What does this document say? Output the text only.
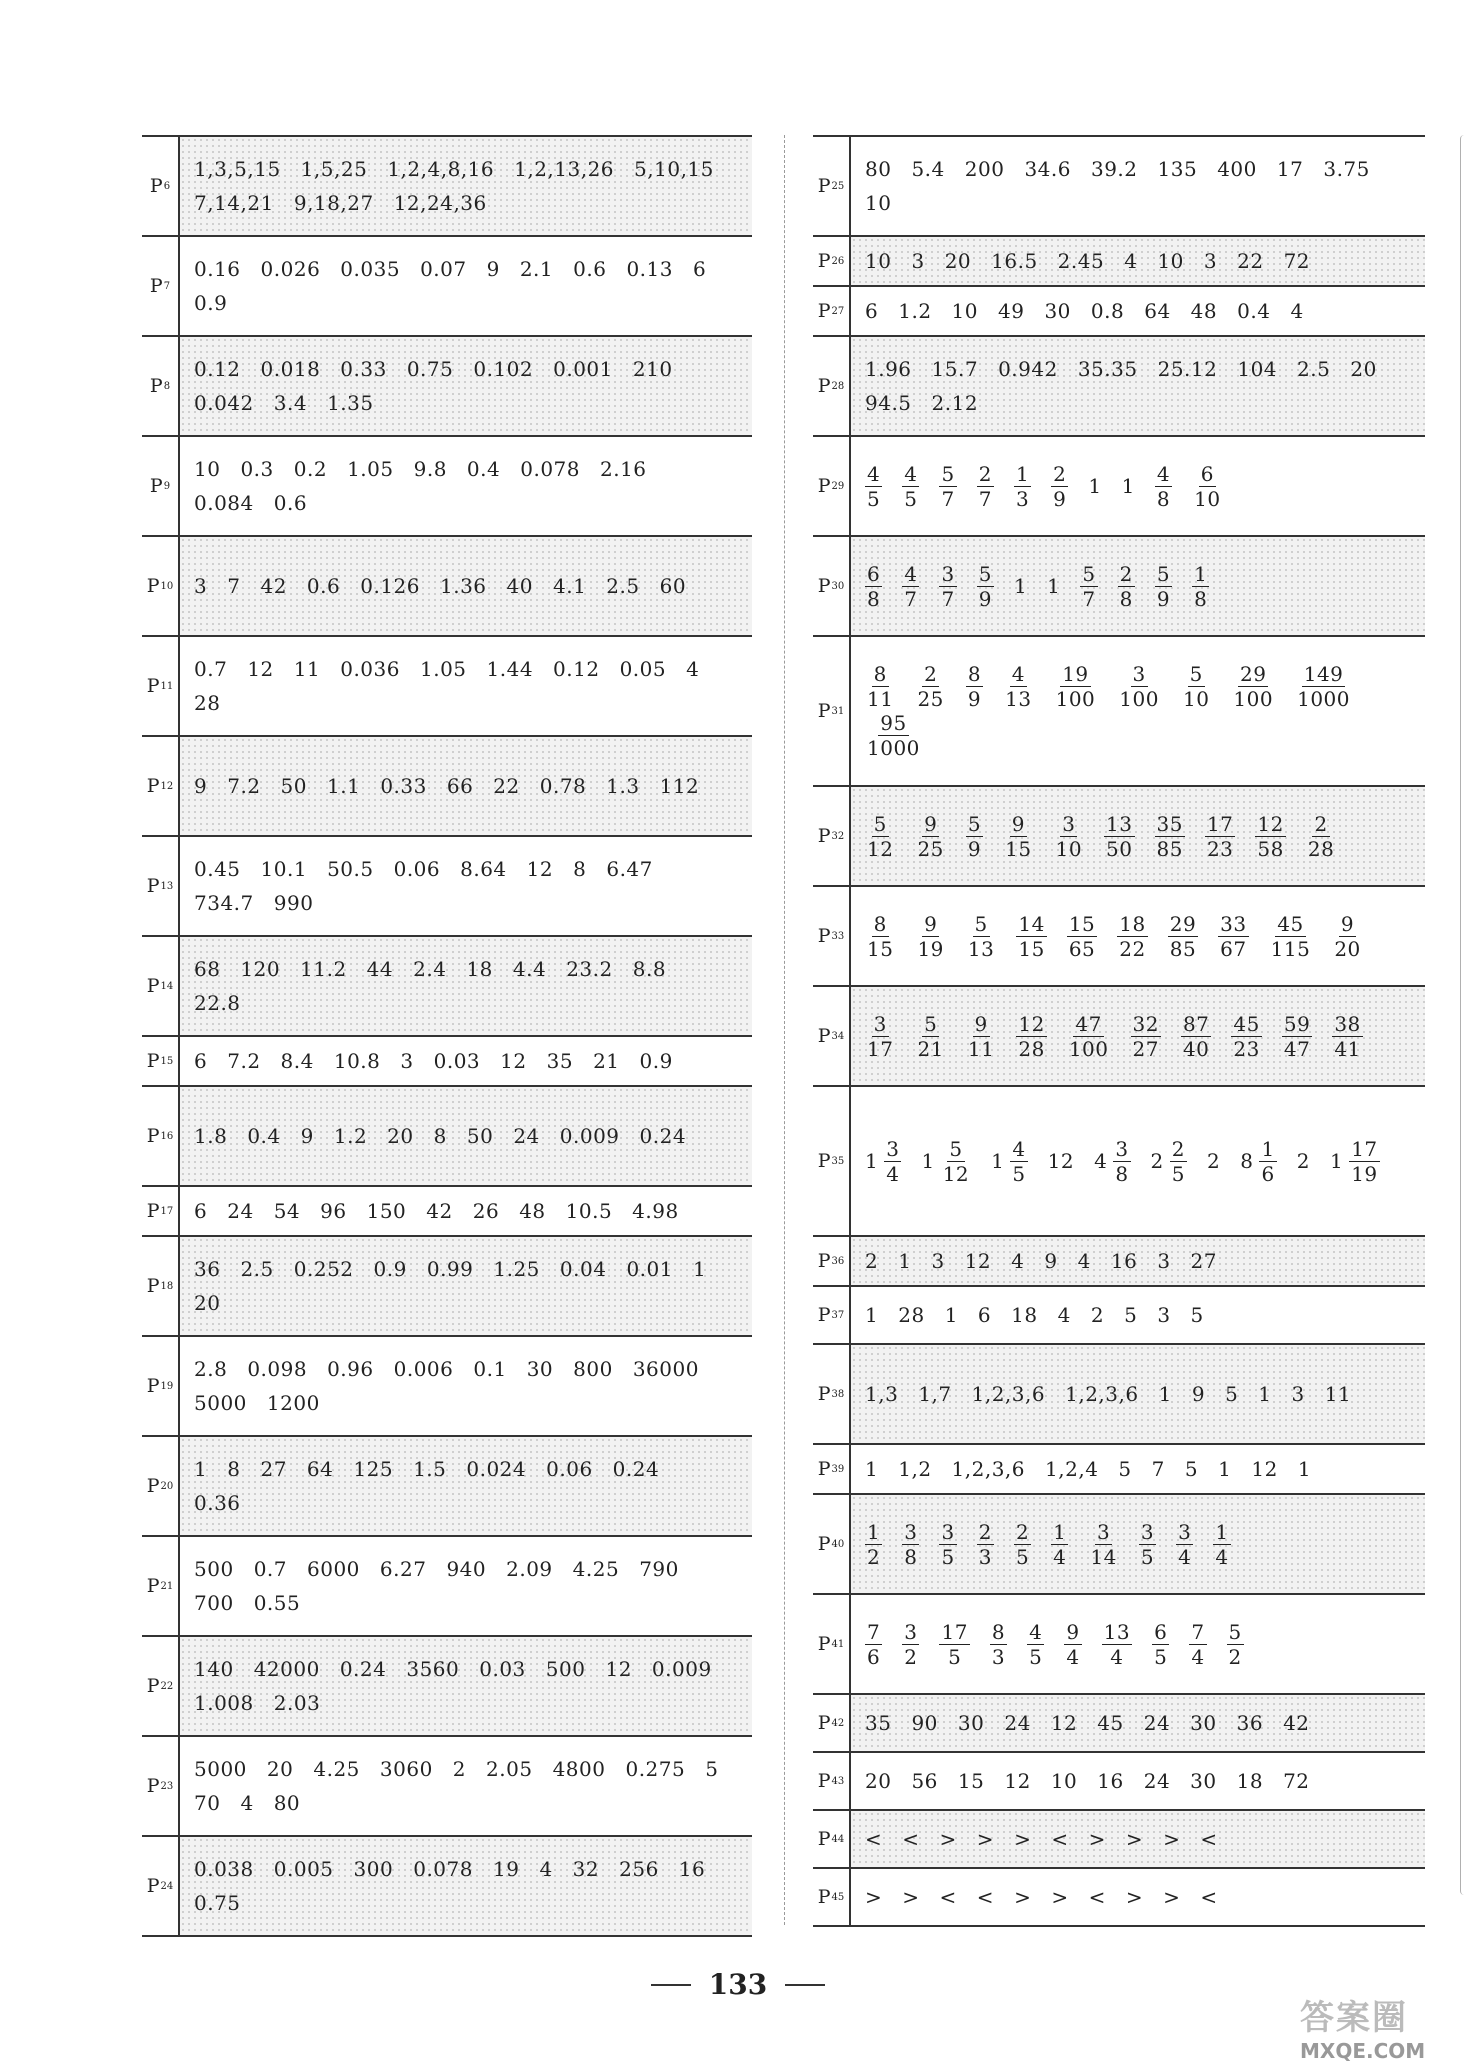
P 6
1,3,5,15 1,5,25 1,2,4,8,16 1,2,13,26 5,10,15
7,14,21 9,18,27 12,24,36
P 7
0.16 0.026 0.035 0.07 9 2.1 0.6 0.13 6
0.9
P 8
0.12 0.018 0.33 0.75 0.102 0.001 210
0.042 3.4 1.35
P 9
10 0.3 0.2 1.05 9.8 0.4 0.078 2.16
0.084 0.6
P 10 3 7 42 0.6 0.126 1.36 40 4.1 2.5 60
P 11
0.7 12 11 0.036 1.05 1.44 0.12 0.05 4
28
P 12 9 7.2 50 1.1 0.33 66 22 0.78 1.3 112
P 13
0.45 10.1 50.5 0.06 8.64 12 8 6.47
734.7 990
P 14
68 120 11.2 44 2.4 18 4.4 23.2 8.8
22.8
P 15 6 7.2 8.4 10.8 3 0.03 12 35 21 0.9
P 16 1.8 0.4 9 1.2 20 8 50 24 0.009 0.24
P 17 6 24 54 96 150 42 26 48 10.5 4.98
P 18
36 2.5 0.252 0.9 0.99 1.25 0.04 0.01 1
20
P 19
2.8 0.098 0.96 0.006 0.1 30 800 36000
5000 1200
P 20
1 8 27 64 125 1.5 0.024 0.06 0.24
0.36
P 21
500 0.7 6000 6.27 940 2.09 4.25 790
700 0.55
P 22
140 42000 0.24 3560 0.03 500 12 0.009
1.008 2.03
P 23
5000 20 4.25 3060 2 2.05 4800 0.275 5
70 4 80
P 24
0.038 0.005 300 0.078 19 4 32 256 16
0.75
P 25
80 5.4 200 34.6 39.2 135 400 17 3.75
10
P 26 10 3 20 16.5 2.45 4 10 3 22 72
P 27 6 1.2 10 49 30 0.8 64 48 0.4 4
P 28
1.96 15.7 0.942 35.35 25.12 104 2.5 20
94.5 2.12
P $29 \frac{4}{5} \frac{4}{5} \frac{5}{7} \frac{2}{7} \frac{1}{3} \frac{2}{9} 1$ $1 \frac{4}{8} \frac{6}{10}$
P $30 \frac{6}{8} \frac{4}{7} \frac{3}{7} \frac{5}{9} 1$ $1 \frac{5}{7} \frac{2}{8} \frac{5}{9} \frac{1}{8}$
P $31 \frac{8}{11} \frac{2}{25} \frac{8}{9} \frac{4}{13} \frac{19}{100} \frac{3}{100} \frac{5}{10} \frac{29}{100} \frac{149}{1000}$
$\frac{95}{1000}$
P $32 \frac{5}{12} \frac{9}{25} \frac{5}{9} \frac{9}{15} \frac{3}{10} \frac{13}{50} \frac{35}{85} \frac{17}{23} \frac{12}{58} \frac{2}{28}$
P $33 \frac{8}{15} \frac{9}{19} \frac{5}{13} \frac{14}{15} \frac{15}{65} \frac{18}{22} \frac{29}{85} \frac{33}{67} \frac{45}{115} \frac{9}{20}$
P $34 \frac{3}{17} \frac{5}{21} \frac{9}{11} \frac{12}{28} \frac{47}{100} \frac{32}{27} \frac{87}{40} \frac{45}{23} \frac{59}{47} \frac{38}{41}$
P 35 $1 \frac{3}{4} 1 \frac{5}{12} 1 \frac{4}{5} 12$ $4 \frac{3}{8} 2 \frac{2}{5} 2$ $8 \frac{1}{6} 2$ $1 \frac{17}{19}$
P 36 2 1 3 12 4 9 4 16 3 27
P 37 1 28 1 6 18 4 2 5 3 5
P 38 1,3 1,7 1,2,3,6 1,2,3,6 1 9 5 1 3 11
P 39 1 1,2 1,2,3,6 1,2,4 5 7 5 1 12 1
P $40 \frac{1}{2} \frac{3}{8} \frac{3}{5} \frac{2}{3} \frac{2}{5} \frac{1}{4} \frac{3}{14} \frac{3}{5} \frac{3}{4} \frac{1}{4}$
P $41 \frac{7}{6} \frac{3}{2} \frac{17}{5} \frac{8}{3} \frac{4}{5} \frac{9}{4} \frac{13}{4} \frac{6}{5} \frac{7}{4} \frac{5}{2}$
P 42 35 90 30 24 12 45 24 30 36 42
P 43 20 56 15 12 10 16 24 30 18 72
P 44 < < > > > < > > > <
P 45 > > < < > > < > > <
133
答案圈
MXQE.COM
